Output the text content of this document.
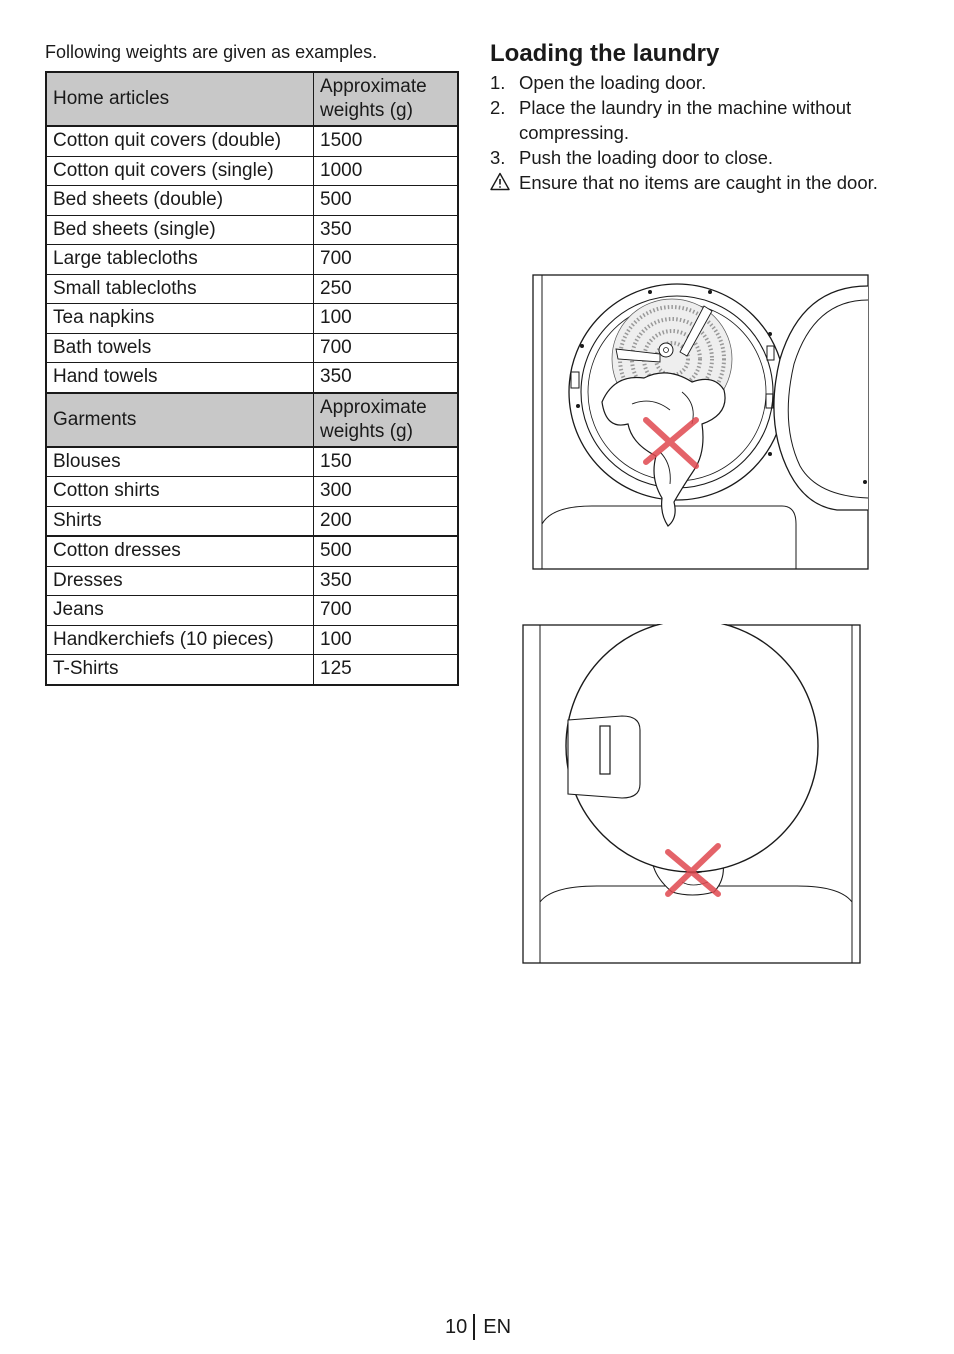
Following weights are given as examples.
Home articles	Approximate weights (g)
Cotton quit covers (double)	1500
Cotton quit covers (single)	1000
Bed sheets (double)	500
Bed sheets (single)	350
Large tablecloths	700
Small tablecloths	250
Tea napkins	100
Bath towels	700
Hand towels	350
Garments	Approximate weights (g)
Blouses	150
Cotton shirts	300
Shirts	200
Cotton dresses	500
Dresses	350
Jeans	700
Handkerchiefs (10 pieces)	100
T-Shirts	125
Loading the laundry
1. Open the loading door.
2. Place the laundry in the machine without compressing.
3. Push the loading door to close.
Ensure that no items are caught in the door.
10 EN
